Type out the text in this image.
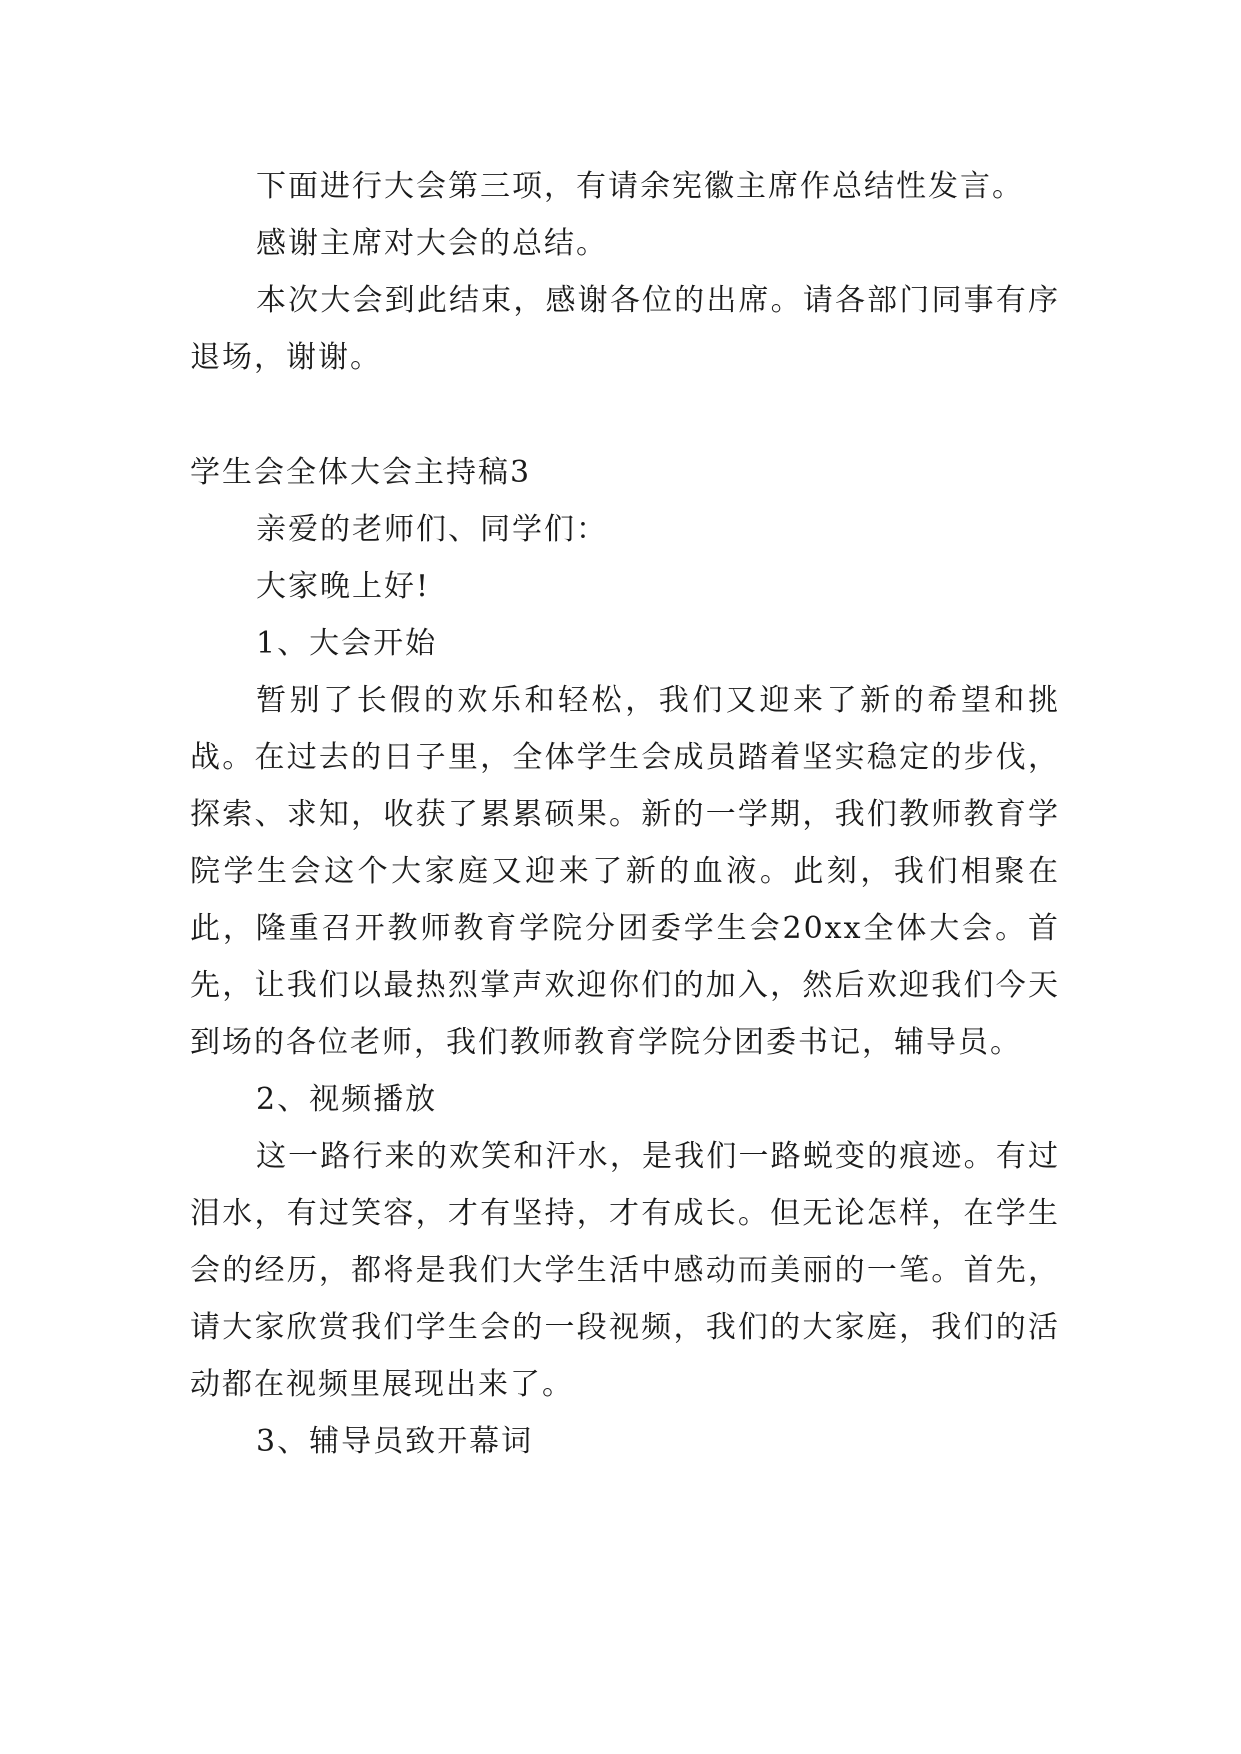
下面进行大会第三项，有请余宪徽主席作总结性发言。

感谢主席对大会的总结。

本次大会到此结束，感谢各位的出席。请各部门同事有序退场，谢谢。

学生会全体大会主持稿3

亲爱的老师们、同学们：

大家晚上好!

1、大会开始

暂别了长假的欢乐和轻松，我们又迎来了新的希望和挑战。在过去的日子里，全体学生会成员踏着坚实稳定的步伐，探索、求知，收获了累累硕果。新的一学期，我们教师教育学院学生会这个大家庭又迎来了新的血液。此刻，我们相聚在此，隆重召开教师教育学院分团委学生会20xx全体大会。首先，让我们以最热烈掌声欢迎你们的加入，然后欢迎我们今天到场的各位老师，我们教师教育学院分团委书记，辅导员。

2、视频播放

这一路行来的欢笑和汗水，是我们一路蜕变的痕迹。有过泪水，有过笑容，才有坚持，才有成长。但无论怎样，在学生会的经历，都将是我们大学生活中感动而美丽的一笔。首先，请大家欣赏我们学生会的一段视频，我们的大家庭，我们的活动都在视频里展现出来了。

3、辅导员致开幕词
